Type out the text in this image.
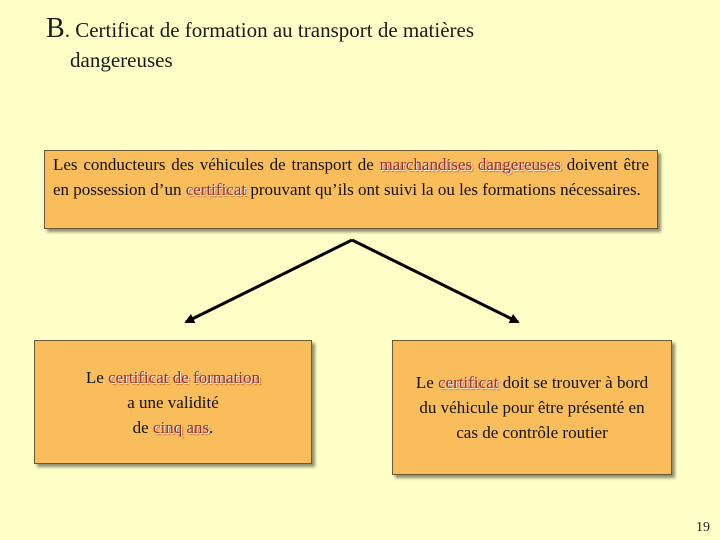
B. Certificat de formation au transport de matières
dangereuses
Les conducteurs des véhicules de transport de marchandises dangereuses doivent être en possession d’un certificat prouvant qu’ils ont suivi la ou les formations nécessaires.
Le certificat de formation
a une validité
de cinq ans.
Le certificat doit se trouver à bord du véhicule pour être présenté en cas de contrôle routier
19
